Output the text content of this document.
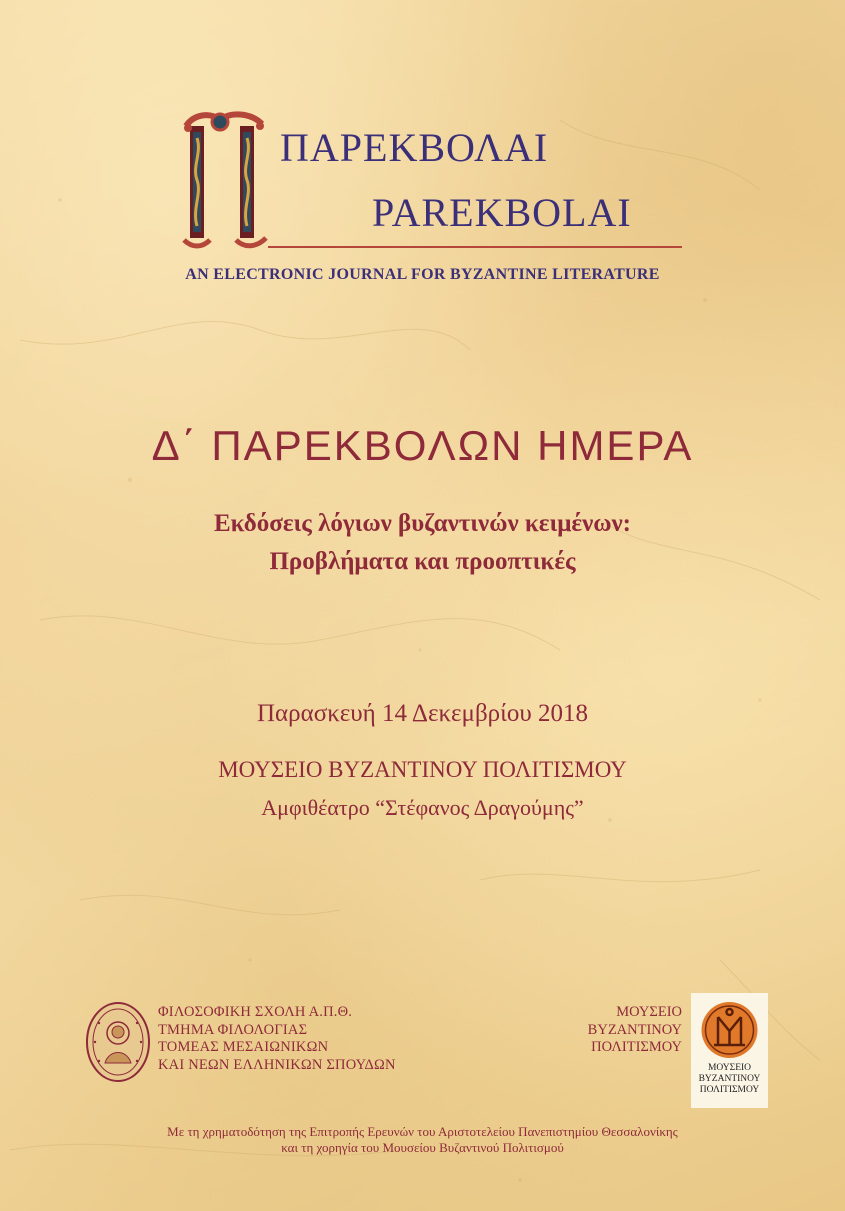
ΠΑΡΕΚΒΟΛΑΙ
PAREKBOLAI
AN ELECTRONIC JOURNAL FOR BYZANTINE LITERATURE
Δ΄ ΠΑΡΕΚΒΟΛΩΝ ΗΜΕΡΑ
Εκδόσεις λόγιων βυζαντινών κειμένων:
Προβλήματα και προοπτικές
Παρασκευή 14 Δεκεμβρίου 2018
ΜΟΥΣΕΙΟ ΒΥΖΑΝΤΙΝΟΥ ΠΟΛΙΤΙΣΜΟΥ
Αμφιθέατρο “Στέφανος Δραγούμης”
ΦΙΛΟΣΟΦΙΚΗ ΣΧΟΛΗ Α.Π.Θ.
ΤΜΗΜΑ ΦΙΛΟΛΟΓΙΑΣ
ΤΟΜΕΑΣ ΜΕΣΑΙΩΝΙΚΩΝ
ΚΑΙ ΝΕΩΝ ΕΛΛΗΝΙΚΩΝ ΣΠΟΥΔΩΝ
ΜΟΥΣΕΙΟ
ΒΥΖΑΝΤΙΝΟΥ
ΠΟΛΙΤΙΣΜΟΥ
ΜΟΥΣΕΙΟ
ΒΥΖΑΝΤΙΝΟΥ
ΠΟΛΙΤΙΣΜΟΥ
Με τη χρηματοδότηση της Επιτροπής Ερευνών του Αριστοτελείου Πανεπιστημίου Θεσσαλονίκης
και τη χορηγία του Μουσείου Βυζαντινού Πολιτισμού
